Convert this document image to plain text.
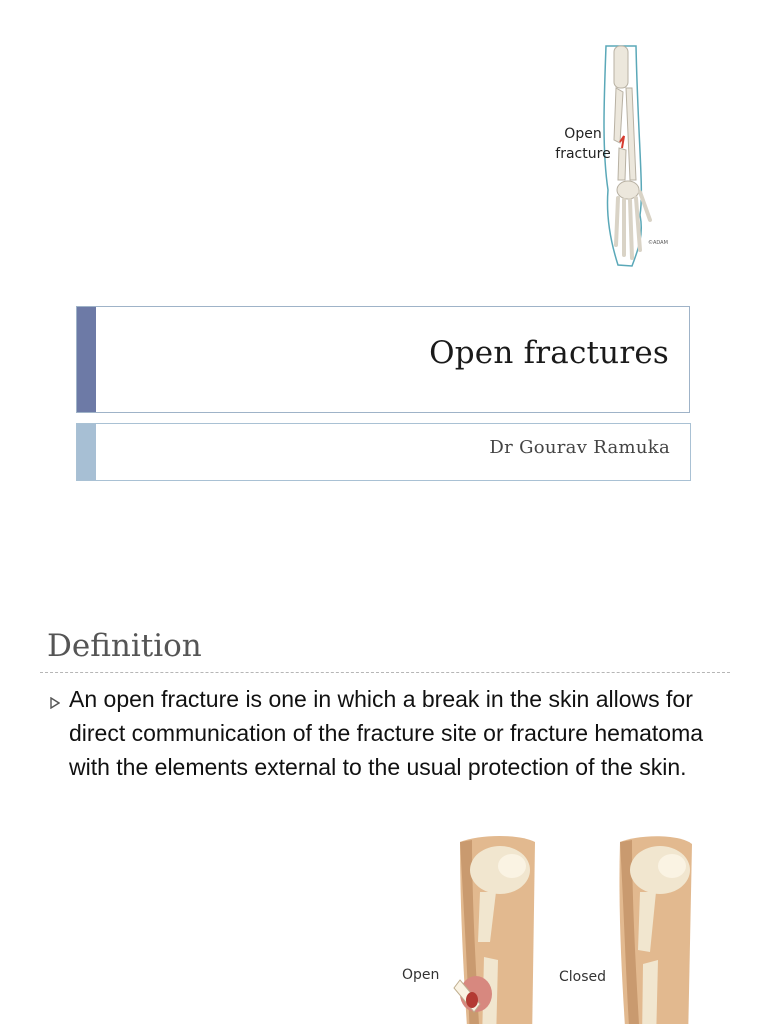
Open
fracture
©ADAM
Open fractures
Dr Gourav Ramuka
Definition
An open fracture is one in which a break in the skin allows for direct communication of the fracture site or fracture hematoma with the elements external to the usual protection of the skin.
Open	Closed
